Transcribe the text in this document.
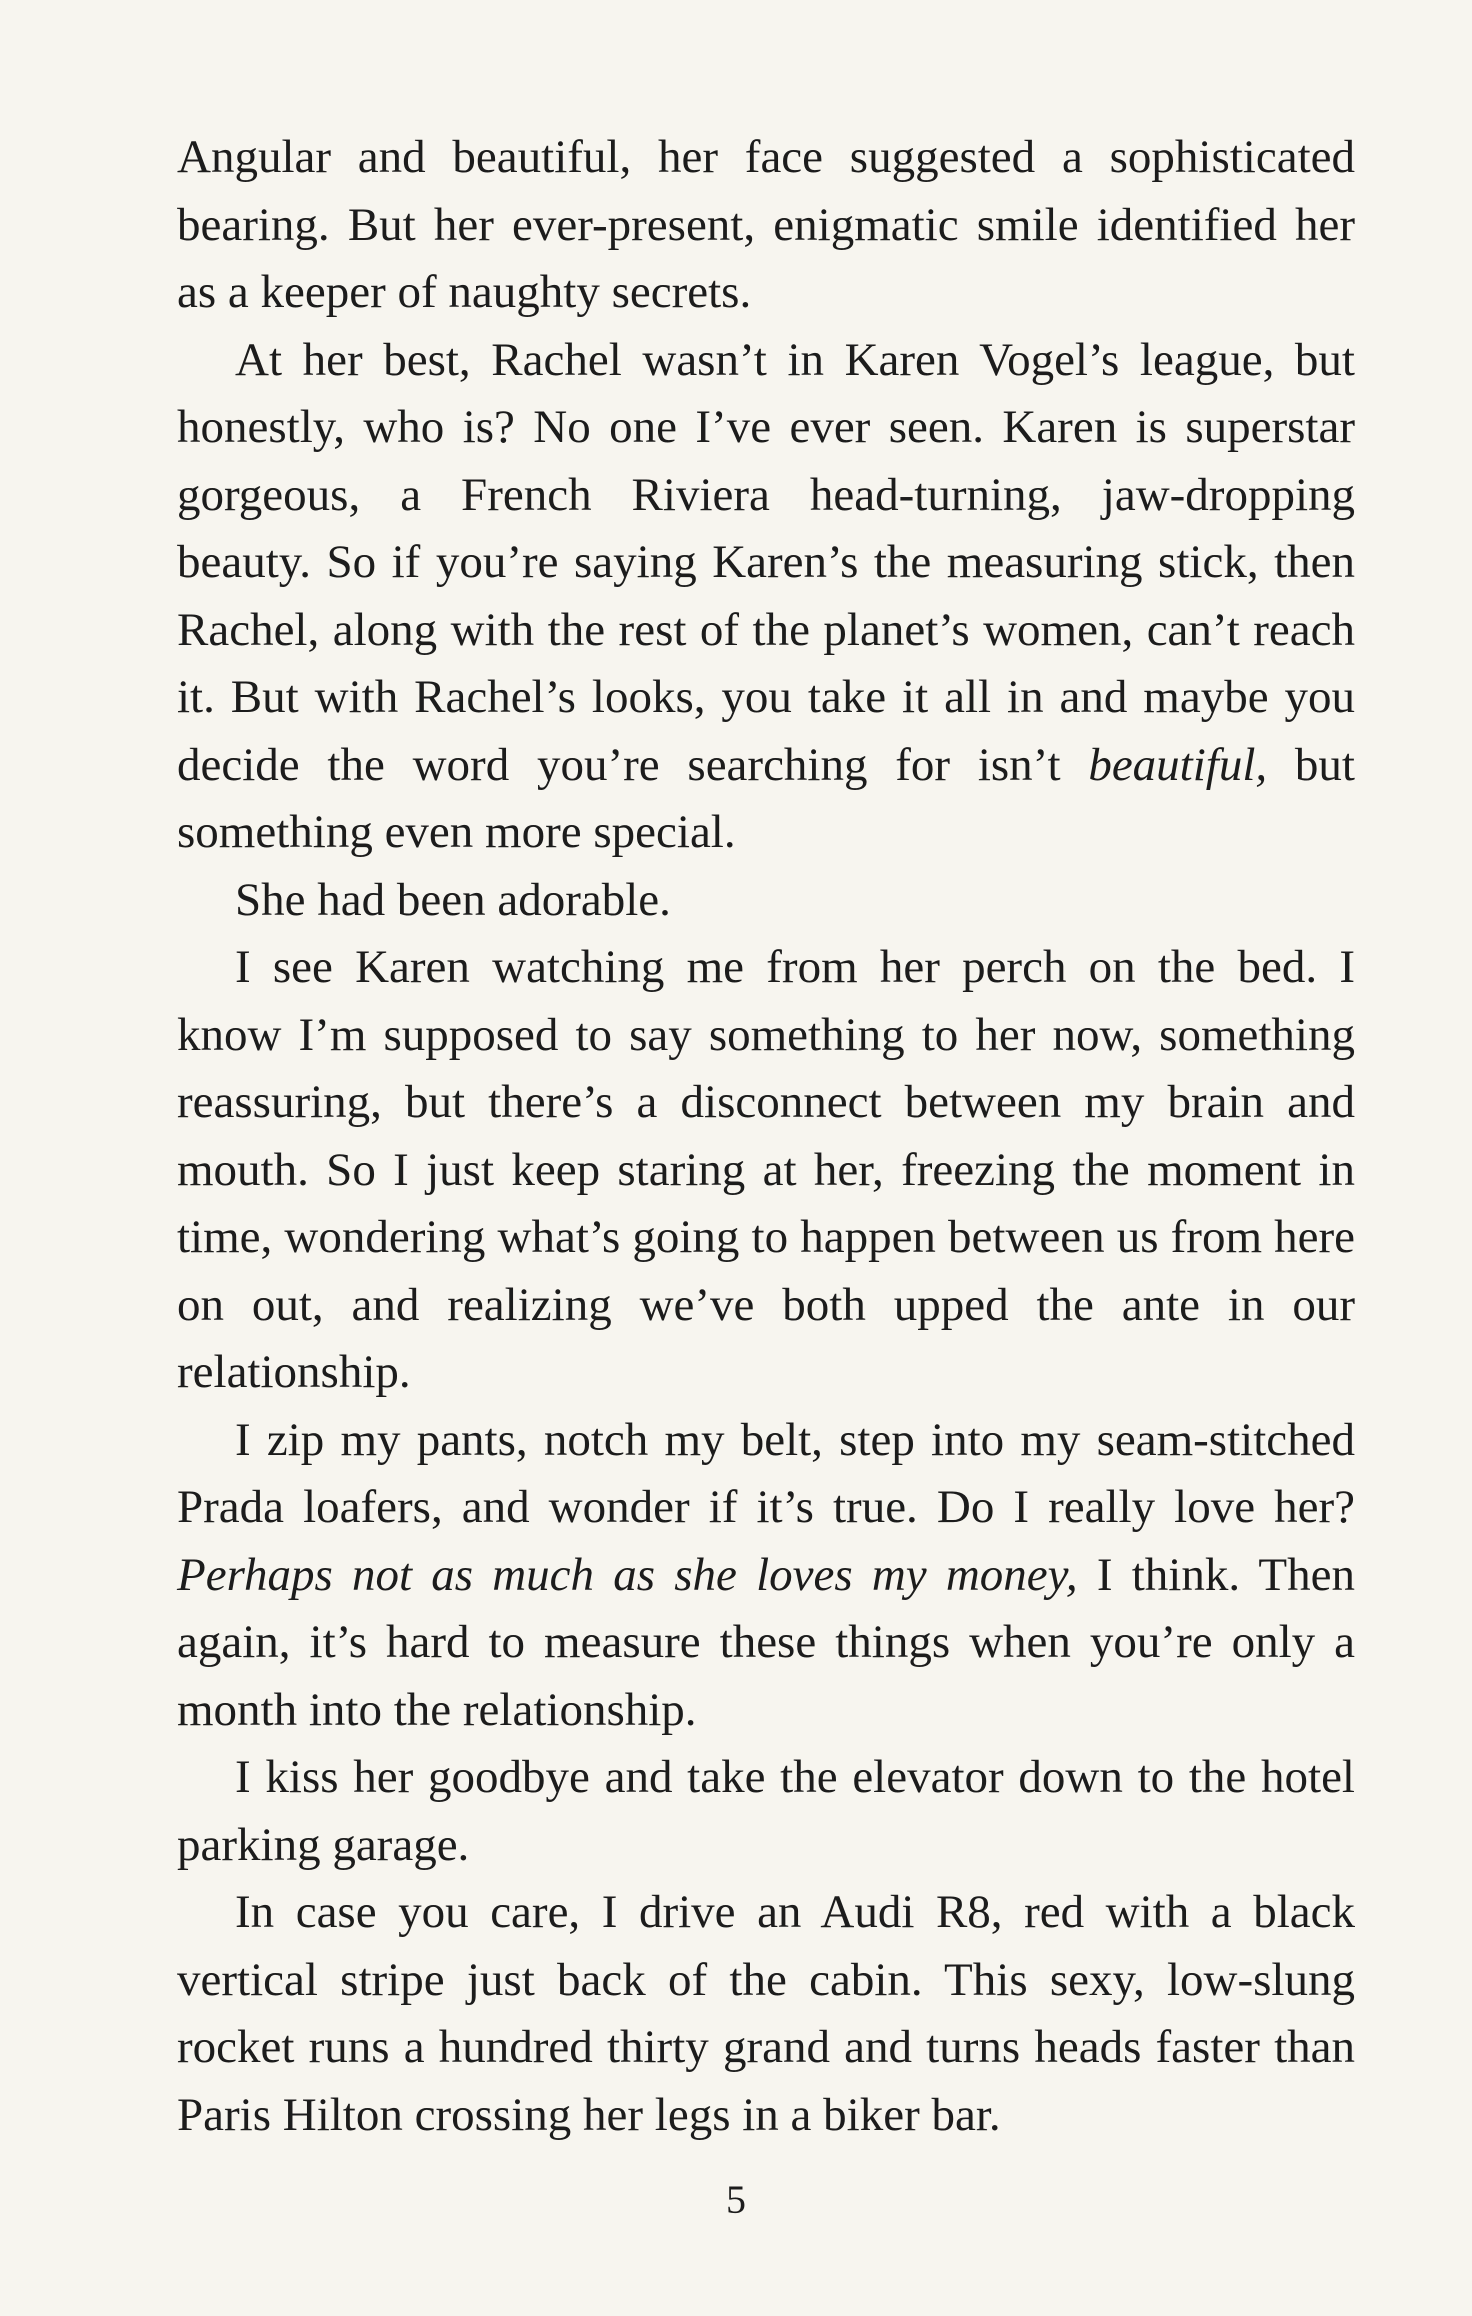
Angular and beautiful, her face suggested a sophisticated bearing. But her ever-present, enigmatic smile identified her as a keeper of naughty secrets.

At her best, Rachel wasn’t in Karen Vogel’s league, but honestly, who is? No one I’ve ever seen. Karen is superstar gorgeous, a French Riviera head-turning, jaw-dropping beauty. So if you’re saying Karen’s the measuring stick, then Rachel, along with the rest of the planet’s women, can’t reach it. But with Rachel’s looks, you take it all in and maybe you decide the word you’re searching for isn’t beautiful, but something even more special.

She had been adorable.

I see Karen watching me from her perch on the bed. I know I’m supposed to say something to her now, something reassuring, but there’s a disconnect between my brain and mouth. So I just keep staring at her, freezing the moment in time, wondering what’s going to happen between us from here on out, and realizing we’ve both upped the ante in our relationship.

I zip my pants, notch my belt, step into my seam-stitched Prada loafers, and wonder if it’s true. Do I really love her? Perhaps not as much as she loves my money, I think. Then again, it’s hard to measure these things when you’re only a month into the relationship.

I kiss her goodbye and take the elevator down to the hotel parking garage.

In case you care, I drive an Audi R8, red with a black vertical stripe just back of the cabin. This sexy, low-slung rocket runs a hundred thirty grand and turns heads faster than Paris Hilton crossing her legs in a biker bar.

5
